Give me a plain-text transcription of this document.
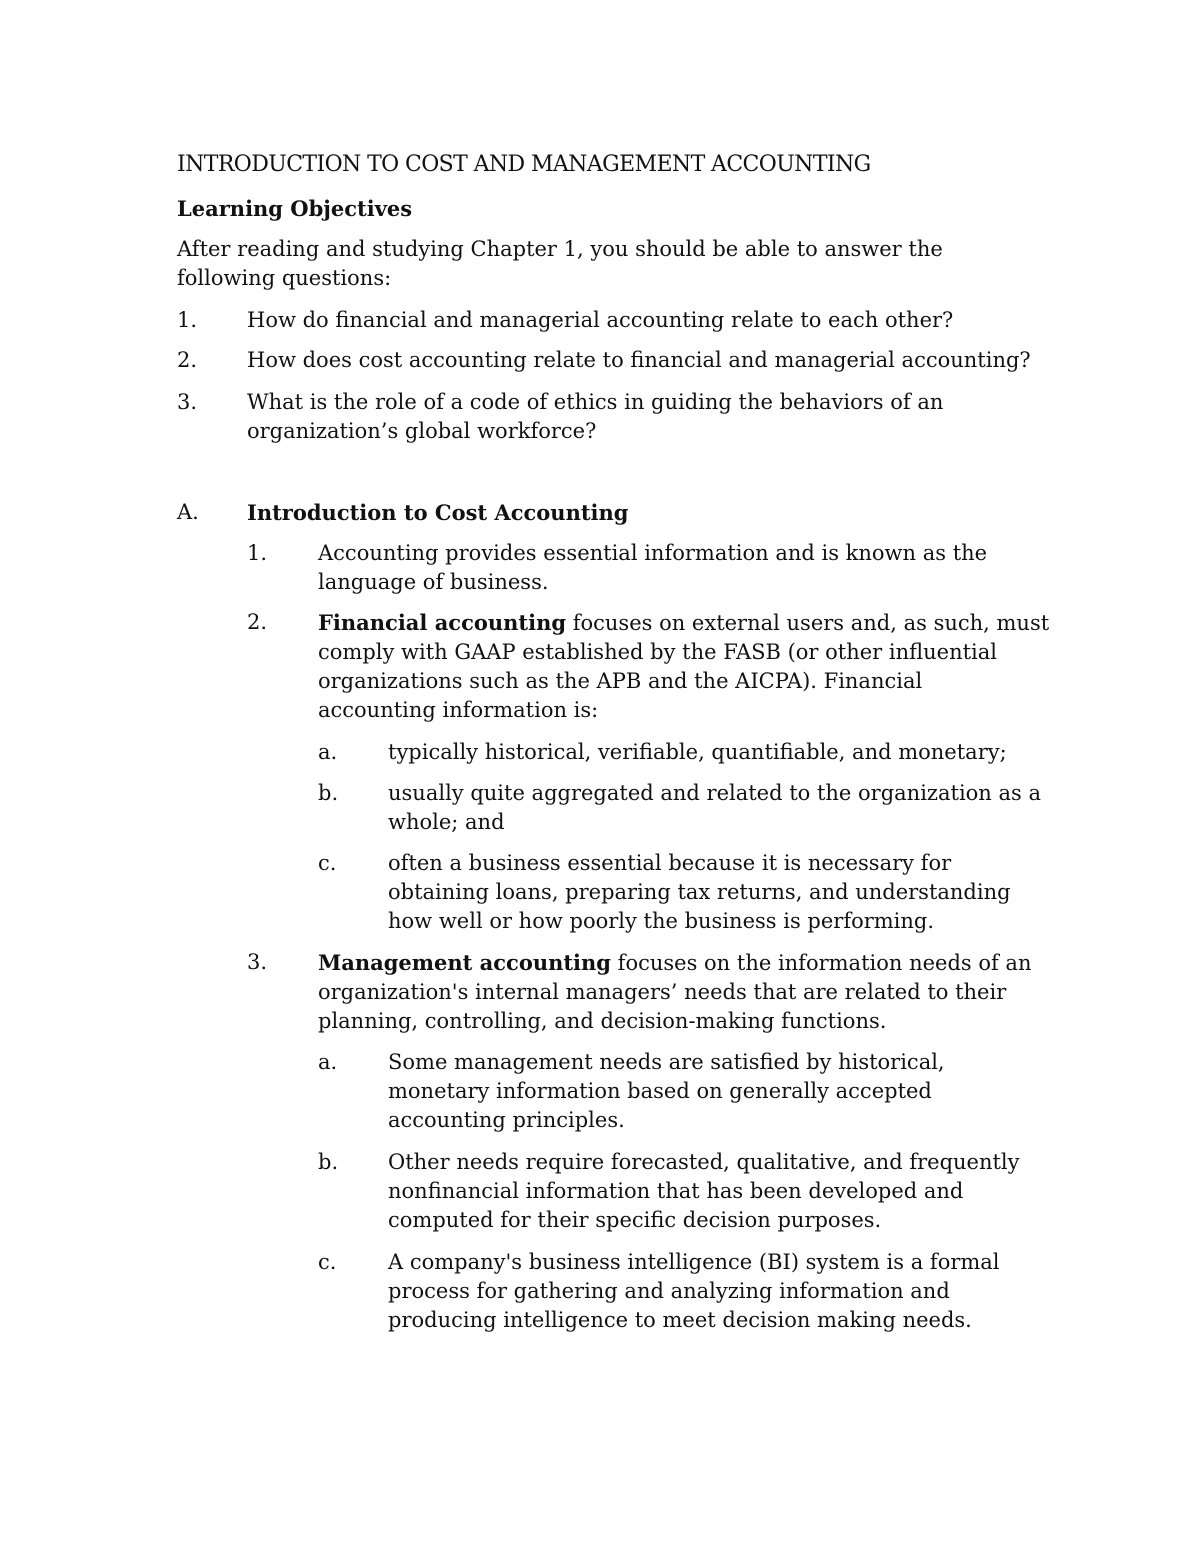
INTRODUCTION TO COST AND MANAGEMENT ACCOUNTING
Learning Objectives
After reading and studying Chapter 1, you should be able to answer the
following questions:
1. How do financial and managerial accounting relate to each other?
2. How does cost accounting relate to financial and managerial accounting?
3. What is the role of a code of ethics in guiding the behaviors of an
organization’s global workforce?
A. Introduction to Cost Accounting
1. Accounting provides essential information and is known as the
language of business.
2. Financial accounting focuses on external users and, as such, must
comply with GAAP established by the FASB (or other influential
organizations such as the APB and the AICPA). Financial
accounting information is:
a. typically historical, verifiable, quantifiable, and monetary;
b. usually quite aggregated and related to the organization as a
whole; and
c. often a business essential because it is necessary for
obtaining loans, preparing tax returns, and understanding
how well or how poorly the business is performing.
3. Management accounting focuses on the information needs of an
organization's internal managers’ needs that are related to their
planning, controlling, and decision-making functions.
a. Some management needs are satisfied by historical,
monetary information based on generally accepted
accounting principles.
b. Other needs require forecasted, qualitative, and frequently
nonfinancial information that has been developed and
computed for their specific decision purposes.
c. A company's business intelligence (BI) system is a formal
process for gathering and analyzing information and
producing intelligence to meet decision making needs.
